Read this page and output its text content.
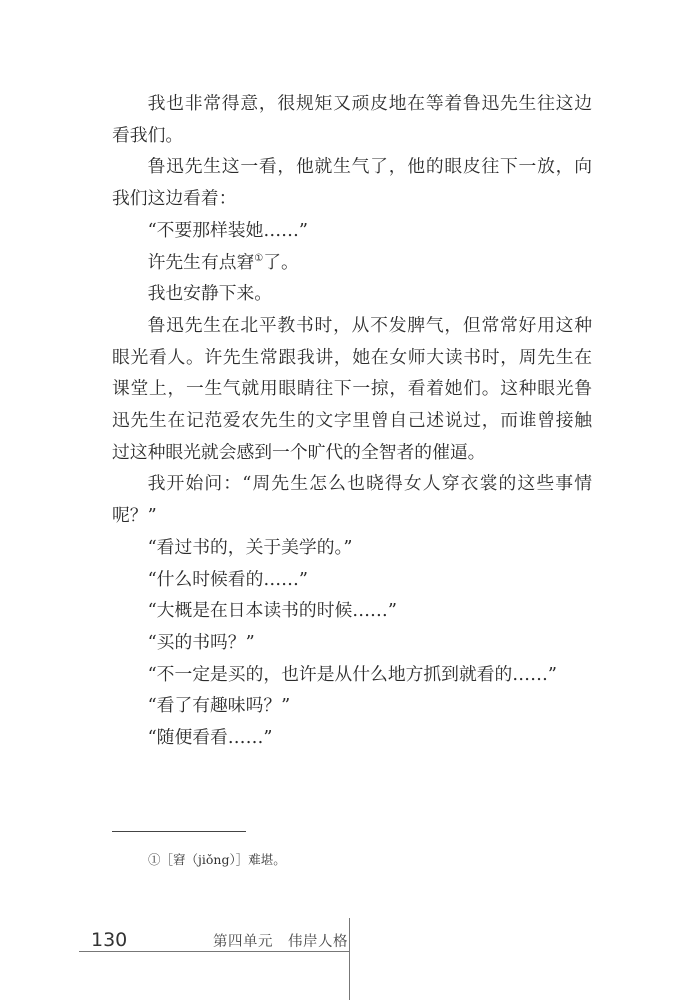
我也非常得意，很规矩又顽皮地在等着鲁迅先生往这边看我们。

鲁迅先生这一看，他就生气了，他的眼皮往下一放，向我们这边看着：

“不要那样装她……”

许先生有点窘①了。

我也安静下来。

鲁迅先生在北平教书时，从不发脾气，但常常好用这种眼光看人。许先生常跟我讲，她在女师大读书时，周先生在课堂上，一生气就用眼睛往下一掠，看着她们。这种眼光鲁迅先生在记范爱农先生的文字里曾自己述说过，而谁曾接触过这种眼光就会感到一个旷代的全智者的催逼。

我开始问：“周先生怎么也晓得女人穿衣裳的这些事情呢？”

“看过书的，关于美学的。”

“什么时候看的……”

“大概是在日本读书的时候……”

“买的书吗？”

“不一定是买的，也许是从什么地方抓到就看的……”

“看了有趣味吗？”

“随便看看……”

①［窘（jiǒng）］难堪。
130	第四单元　伟岸人格
